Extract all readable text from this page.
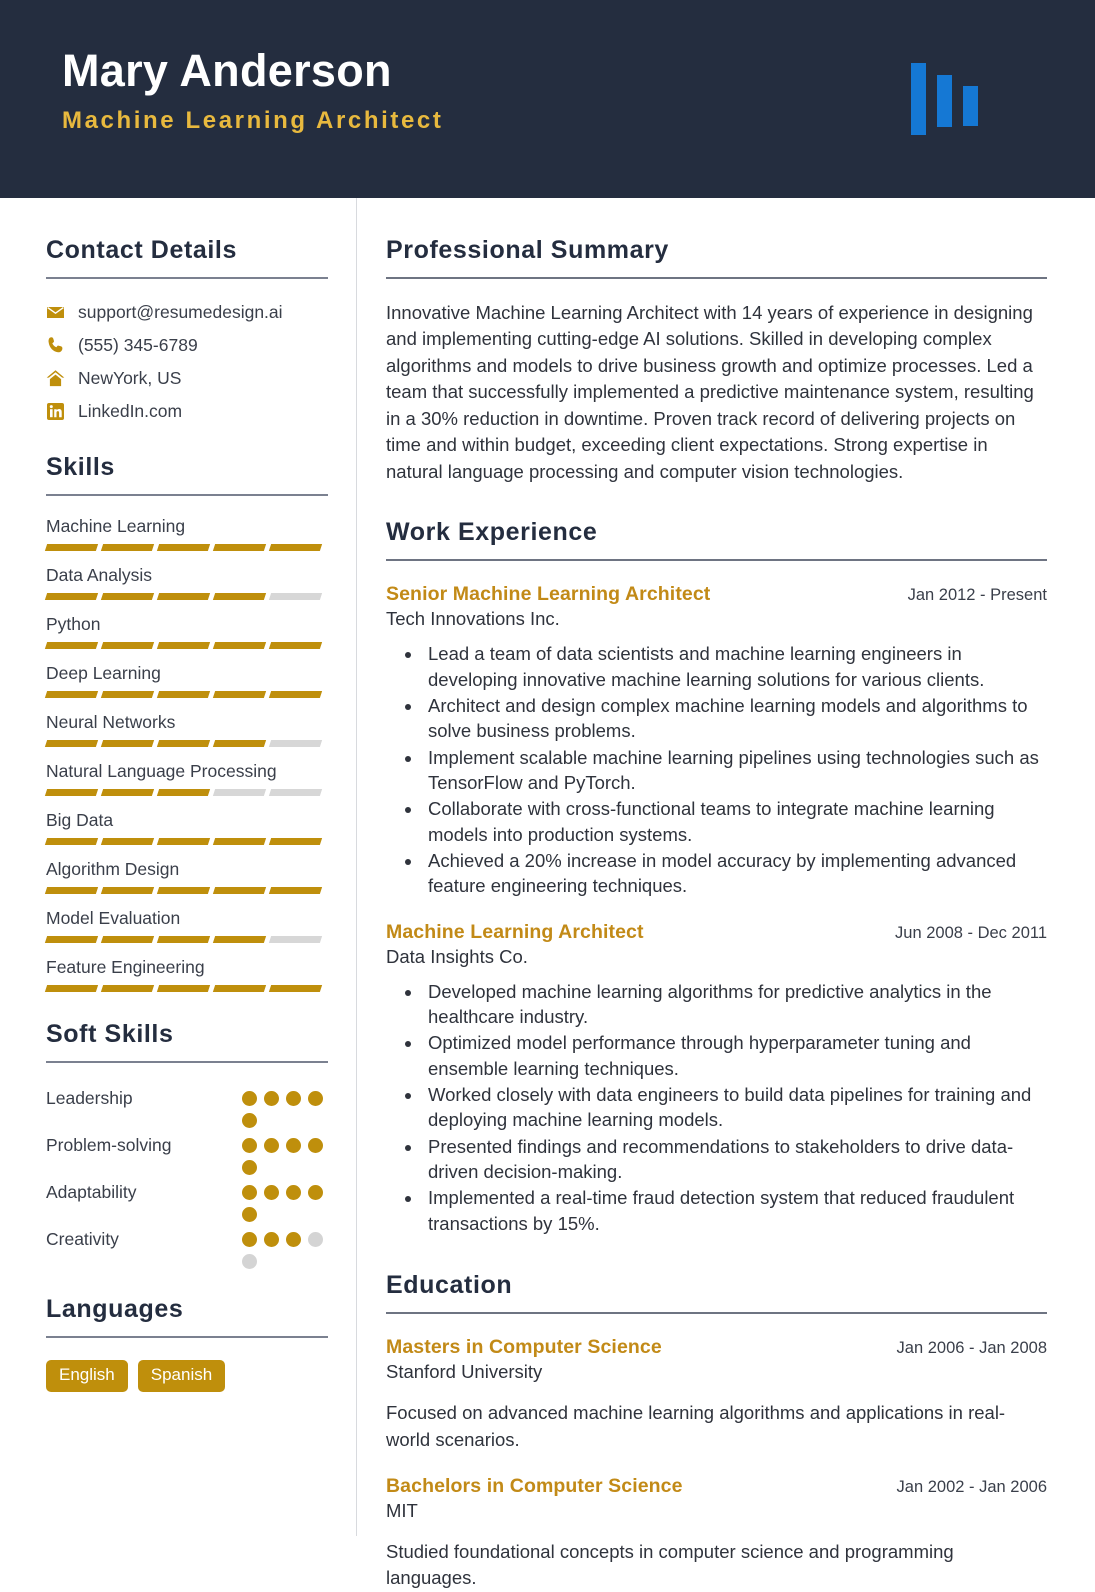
Mary Anderson
Machine Learning Architect
Contact Details
support@resumedesign.ai
(555) 345-6789
NewYork, US
LinkedIn.com
Skills
Machine Learning
Data Analysis
Python
Deep Learning
Neural Networks
Natural Language Processing
Big Data
Algorithm Design
Model Evaluation
Feature Engineering
Soft Skills
Leadership
Problem-solving
Adaptability
Creativity
Languages
English	Spanish
Professional Summary

Innovative Machine Learning Architect with 14 years of experience in designing and implementing cutting-edge AI solutions. Skilled in developing complex algorithms and models to drive business growth and optimize processes. Led a team that successfully implemented a predictive maintenance system, resulting in a 30% reduction in downtime. Proven track record of delivering projects on time and within budget, exceeding client expectations. Strong expertise in natural language processing and computer vision technologies.

Work Experience
Senior Machine Learning Architect	Jan 2012 - Present
Tech Innovations Inc.
• Lead a team of data scientists and machine learning engineers in developing innovative machine learning solutions for various clients.
• Architect and design complex machine learning models and algorithms to solve business problems.
• Implement scalable machine learning pipelines using technologies such as TensorFlow and PyTorch.
• Collaborate with cross-functional teams to integrate machine learning models into production systems.
• Achieved a 20% increase in model accuracy by implementing advanced feature engineering techniques.
Machine Learning Architect	Jun 2008 - Dec 2011
Data Insights Co.
• Developed machine learning algorithms for predictive analytics in the healthcare industry.
• Optimized model performance through hyperparameter tuning and ensemble learning techniques.
• Worked closely with data engineers to build data pipelines for training and deploying machine learning models.
• Presented findings and recommendations to stakeholders to drive data-driven decision-making.
• Implemented a real-time fraud detection system that reduced fraudulent transactions by 15%.
Education
Masters in Computer Science	Jan 2006 - Jan 2008
Stanford University

Focused on advanced machine learning algorithms and applications in real-world scenarios.

Bachelors in Computer Science	Jan 2002 - Jan 2006
MIT

Studied foundational concepts in computer science and programming languages.
